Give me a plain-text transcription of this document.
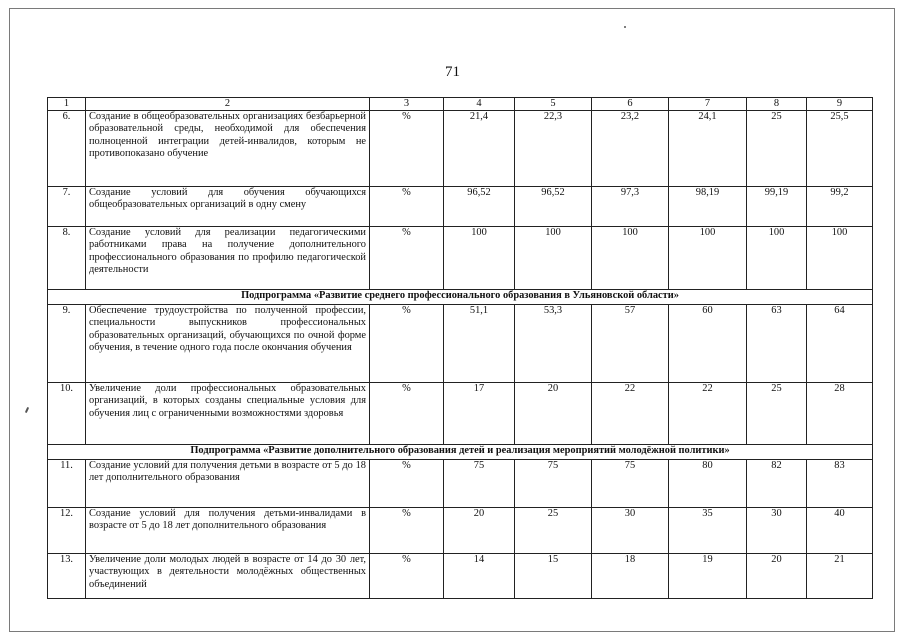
71
1	2	3	4	5	6	7	8	9
6.	Создание в общеобразовательных организациях безбарьерной образовательной среды, необходимой для обеспечения полноценной интеграции детей-инвалидов, которым не противопоказано обучение	%	21,4	22,3	23,2	24,1	25	25,5
7.	Создание условий для обучения обучающихся общеобразовательных организаций в одну смену	%	96,52	96,52	97,3	98,19	99,19	99,2
8.	Создание условий для реализации педагогическими работниками права на получение дополнительного профессионального образования по профилю педагогической деятельности	%	100	100	100	100	100	100
Подпрограмма «Развитие среднего профессионального образования в Ульяновской области»								
9.	Обеспечение трудоустройства по полученной профессии, специальности выпускников профессиональных образовательных организаций, обучающихся по очной форме обучения, в течение одного года после окончания обучения	%	51,1	53,3	57	60	63	64
10.	Увеличение доли профессиональных образовательных организаций, в которых созданы специальные условия для обучения лиц с ограниченными возможностями здоровья	%	17	20	22	22	25	28
Подпрограмма «Развитие дополнительного образования детей и реализация мероприятий молодёжной политики»								
11.	Создание условий для получения детьми в возрасте от 5 до 18 лет дополнительного образования	%	75	75	75	80	82	83
12.	Создание условий для получения детьми-инвалидами в возрасте от 5 до 18 лет дополнительного образования	%	20	25	30	35	30	40
13.	Увеличение доли молодых людей в возрасте от 14 до 30 лет, участвующих в деятельности молодёжных общественных объединений	%	14	15	18	19	20	21
